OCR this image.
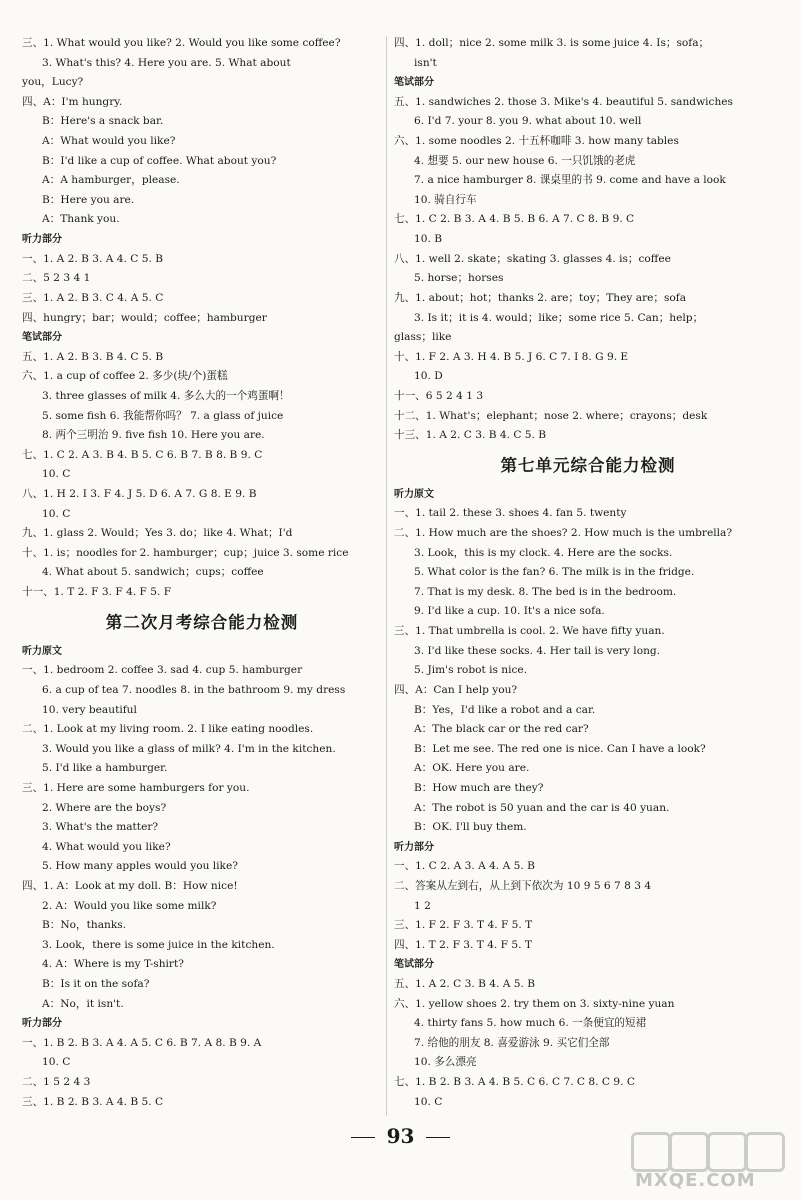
三、1. What would you like? 2. Would you like some coffee?
3. What's this? 4. Here you are. 5. What about
you，Lucy?
四、A：I'm hungry.
B：Here's a snack bar.
A：What would you like?
B：I'd like a cup of coffee. What about you?
A：A hamburger，please.
B：Here you are.
A：Thank you.
听力部分
一、1. A 2. B 3. A 4. C 5. B
二、5 2 3 4 1
三、1. A 2. B 3. C 4. A 5. C
四、hungry；bar；would；coffee；hamburger
笔试部分
五、1. A 2. B 3. B 4. C 5. B
六、1. a cup of coffee 2. 多少(块/个)蛋糕
3. three glasses of milk 4. 多么大的一个鸡蛋啊！
5. some fish 6. 我能帮你吗？ 7. a glass of juice
8. 两个三明治 9. five fish 10. Here you are.
七、1. C 2. A 3. B 4. B 5. C 6. B 7. B 8. B 9. C
10. C
八、1. H 2. I 3. F 4. J 5. D 6. A 7. G 8. E 9. B
10. C
九、1. glass 2. Would；Yes 3. do；like 4. What；I'd
十、1. is；noodles for 2. hamburger；cup；juice 3. some rice
4. What about 5. sandwich；cups；coffee
十一、1. T 2. F 3. F 4. F 5. F
第二次月考综合能力检测
听力原文
一、1. bedroom 2. coffee 3. sad 4. cup 5. hamburger
6. a cup of tea 7. noodles 8. in the bathroom 9. my dress
10. very beautiful
二、1. Look at my living room. 2. I like eating noodles.
3. Would you like a glass of milk? 4. I'm in the kitchen.
5. I'd like a hamburger.
三、1. Here are some hamburgers for you.
2. Where are the boys?
3. What's the matter?
4. What would you like?
5. How many apples would you like?
四、1. A：Look at my doll. B：How nice!
2. A：Would you like some milk?
B：No，thanks.
3. Look，there is some juice in the kitchen.
4. A：Where is my T-shirt?
B：Is it on the sofa?
A：No，it isn't.
听力部分
一、1. B 2. B 3. A 4. A 5. C 6. B 7. A 8. B 9. A
10. C
二、1 5 2 4 3
三、1. B 2. B 3. A 4. B 5. C
四、1. doll；nice 2. some milk 3. is some juice 4. Is；sofa；
isn't
笔试部分
五、1. sandwiches 2. those 3. Mike's 4. beautiful 5. sandwiches
6. I'd 7. your 8. you 9. what about 10. well
六、1. some noodles 2. 十五杯咖啡 3. how many tables
4. 想要 5. our new house 6. 一只饥饿的老虎
7. a nice hamburger 8. 课桌里的书 9. come and have a look
10. 骑自行车
七、1. C 2. B 3. A 4. B 5. B 6. A 7. C 8. B 9. C
10. B
八、1. well 2. skate；skating 3. glasses 4. is；coffee
5. horse；horses
九、1. about；hot；thanks 2. are；toy；They are；sofa
3. Is it；it is 4. would；like；some rice 5. Can；help；
glass；like
十、1. F 2. A 3. H 4. B 5. J 6. C 7. I 8. G 9. E
10. D
十一、6 5 2 4 1 3
十二、1. What's；elephant；nose 2. where；crayons；desk
十三、1. A 2. C 3. B 4. C 5. B
第七单元综合能力检测
听力原文
一、1. tail 2. these 3. shoes 4. fan 5. twenty
二、1. How much are the shoes? 2. How much is the umbrella?
3. Look，this is my clock. 4. Here are the socks.
5. What color is the fan? 6. The milk is in the fridge.
7. That is my desk. 8. The bed is in the bedroom.
9. I'd like a cup. 10. It's a nice sofa.
三、1. That umbrella is cool. 2. We have fifty yuan.
3. I'd like these socks. 4. Her tail is very long.
5. Jim's robot is nice.
四、A：Can I help you?
B：Yes，I'd like a robot and a car.
A：The black car or the red car?
B：Let me see. The red one is nice. Can I have a look?
A：OK. Here you are.
B：How much are they?
A：The robot is 50 yuan and the car is 40 yuan.
B：OK. I'll buy them.
听力部分
一、1. C 2. A 3. A 4. A 5. B
二、答案从左到右，从上到下依次为 10 9 5 6 7 8 3 4
1 2
三、1. F 2. F 3. T 4. F 5. T
四、1. T 2. F 3. T 4. F 5. T
笔试部分
五、1. A 2. C 3. B 4. A 5. B
六、1. yellow shoes 2. try them on 3. sixty-nine yuan
4. thirty fans 5. how much 6. 一条便宜的短裙
7. 给他的朋友 8. 喜爱游泳 9. 买它们全部
10. 多么漂亮
七、1. B 2. B 3. A 4. B 5. C 6. C 7. C 8. C 9. C
10. C
93
MXQE.COM
